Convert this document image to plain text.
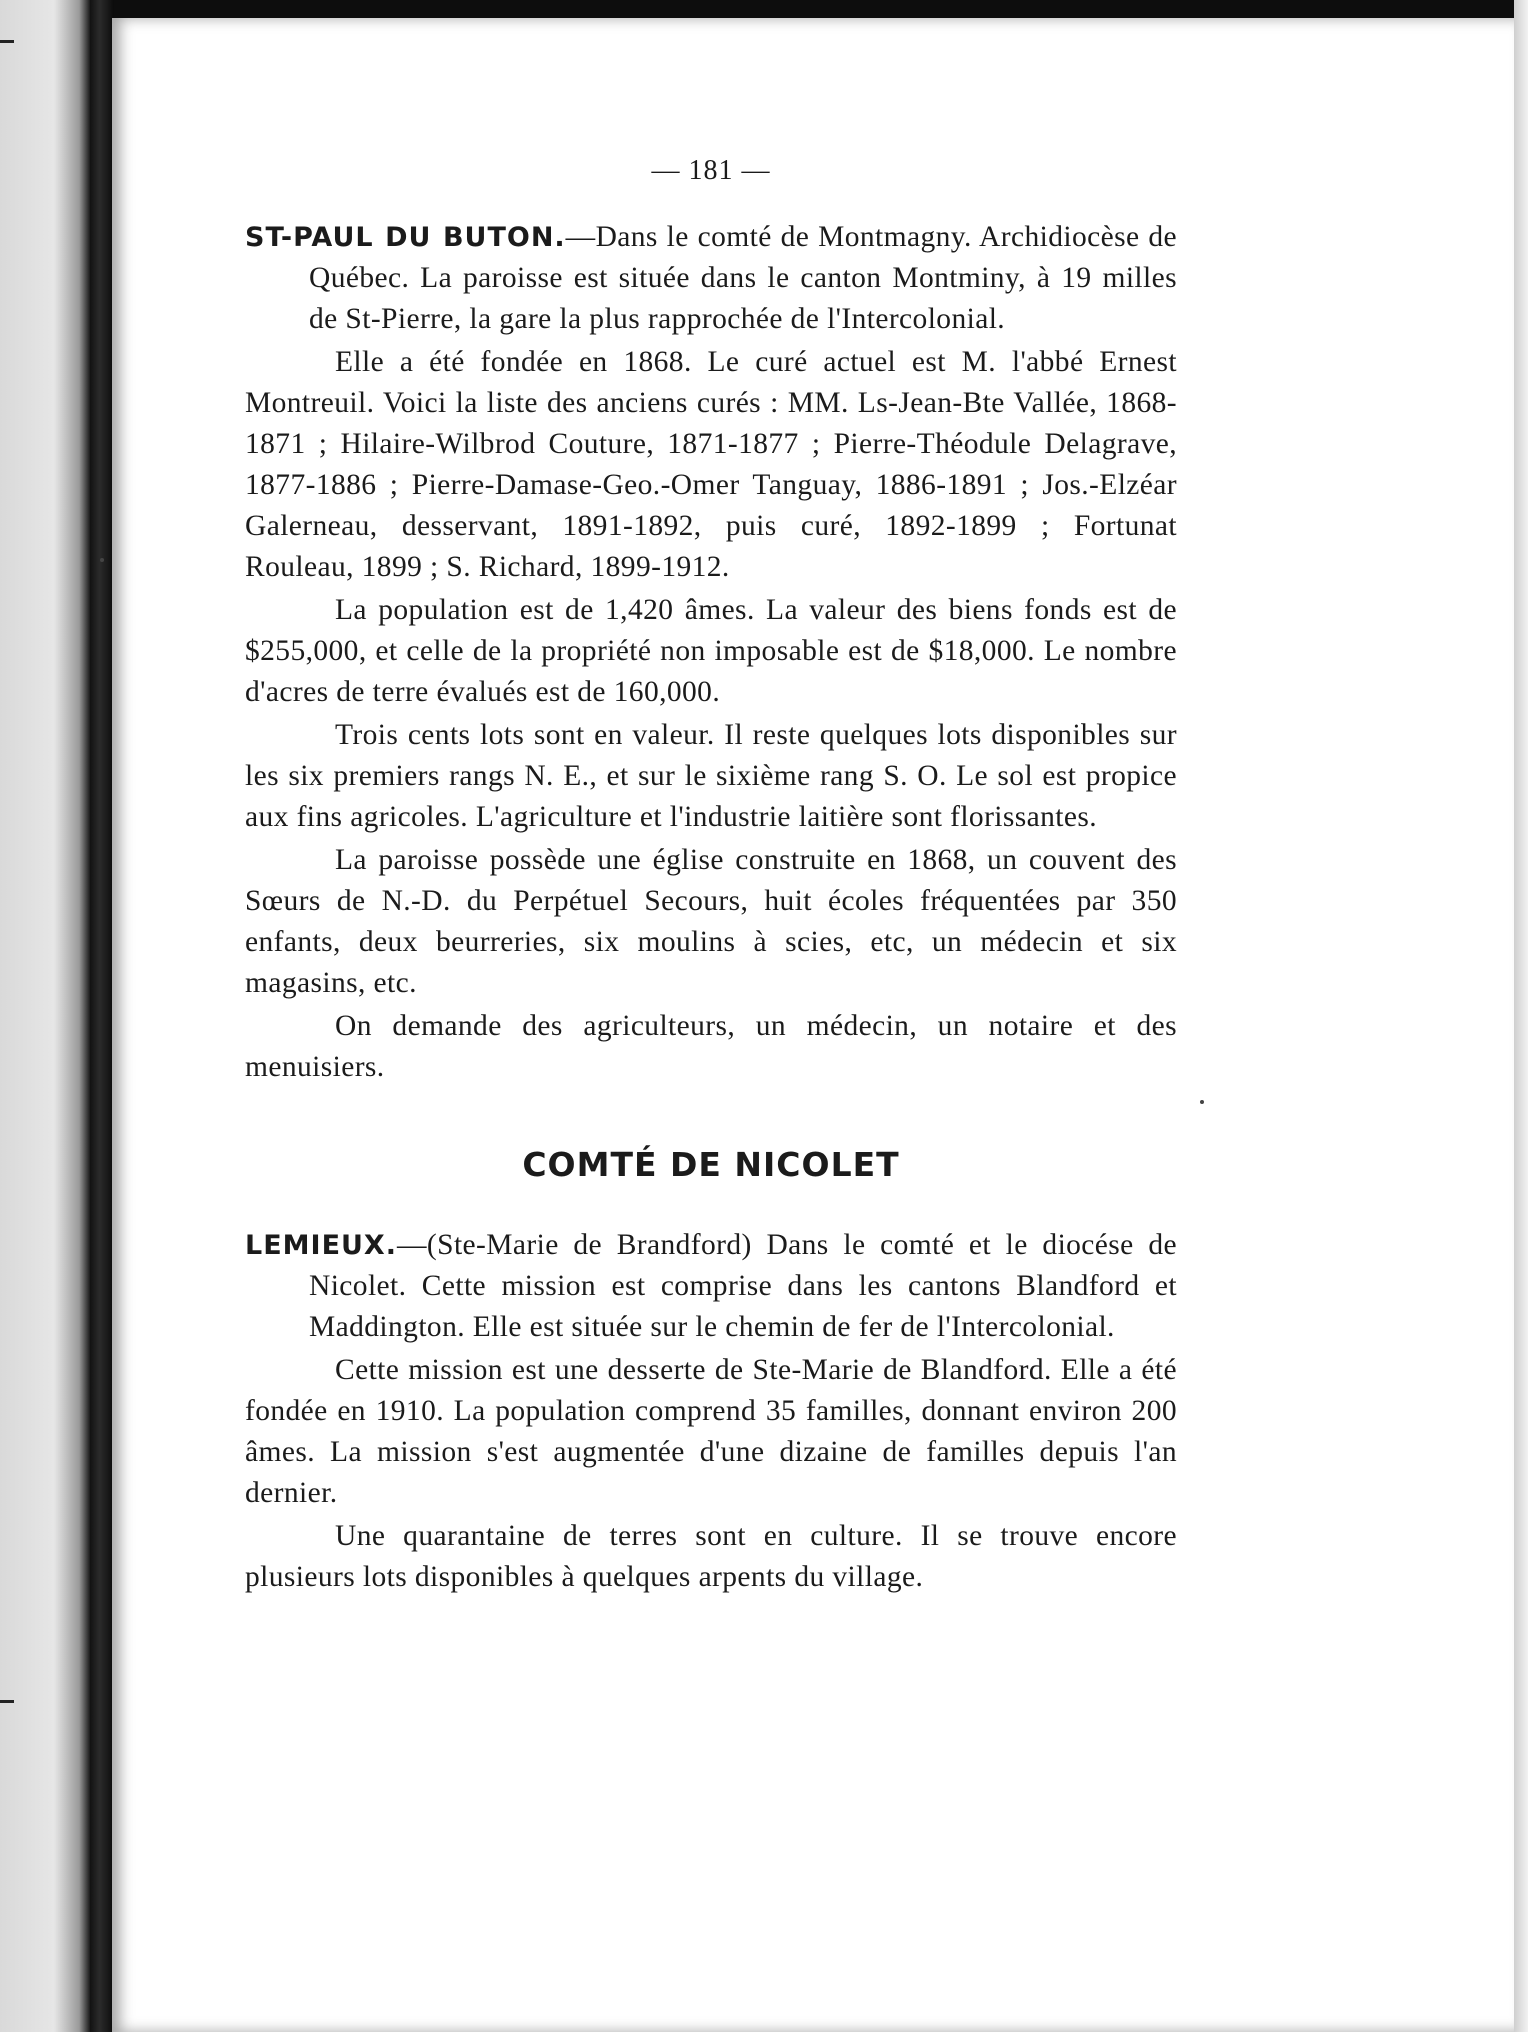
— 181 —

ST-PAUL DU BUTON.—Dans le comté de Montmagny. Archidiocèse de Québec. La paroisse est située dans le canton Montminy, à 19 milles de St-Pierre, la gare la plus rapprochée de l'Intercolonial.

Elle a été fondée en 1868. Le curé actuel est M. l'abbé Ernest Montreuil. Voici la liste des anciens curés : MM. Ls-Jean-Bte Vallée, 1868-1871 ; Hilaire-Wilbrod Couture, 1871-1877 ; Pierre-Théodule Delagrave, 1877-1886 ; Pierre-Damase-Geo.-Omer Tanguay, 1886-1891 ; Jos.-Elzéar Galerneau, desservant, 1891-1892, puis curé, 1892-1899 ; Fortunat Rouleau, 1899 ; S. Richard, 1899-1912.

La population est de 1,420 âmes. La valeur des biens fonds est de $255,000, et celle de la propriété non imposable est de $18,000. Le nombre d'acres de terre évalués est de 160,000.

Trois cents lots sont en valeur. Il reste quelques lots disponibles sur les six premiers rangs N. E., et sur le sixième rang S. O. Le sol est propice aux fins agricoles. L'agriculture et l'industrie laitière sont florissantes.

La paroisse possède une église construite en 1868, un couvent des Sœurs de N.-D. du Perpétuel Secours, huit écoles fréquentées par 350 enfants, deux beurreries, six moulins à scies, etc, un médecin et six magasins, etc.

On demande des agriculteurs, un médecin, un notaire et des menuisiers.

COMTÉ DE NICOLET

LEMIEUX.—(Ste-Marie de Brandford) Dans le comté et le diocése de Nicolet. Cette mission est comprise dans les cantons Blandford et Maddington. Elle est située sur le chemin de fer de l'Intercolonial.

Cette mission est une desserte de Ste-Marie de Blandford. Elle a été fondée en 1910. La population comprend 35 familles, donnant environ 200 âmes. La mission s'est augmentée d'une dizaine de familles depuis l'an dernier.

Une quarantaine de terres sont en culture. Il se trouve encore plusieurs lots disponibles à quelques arpents du village.
